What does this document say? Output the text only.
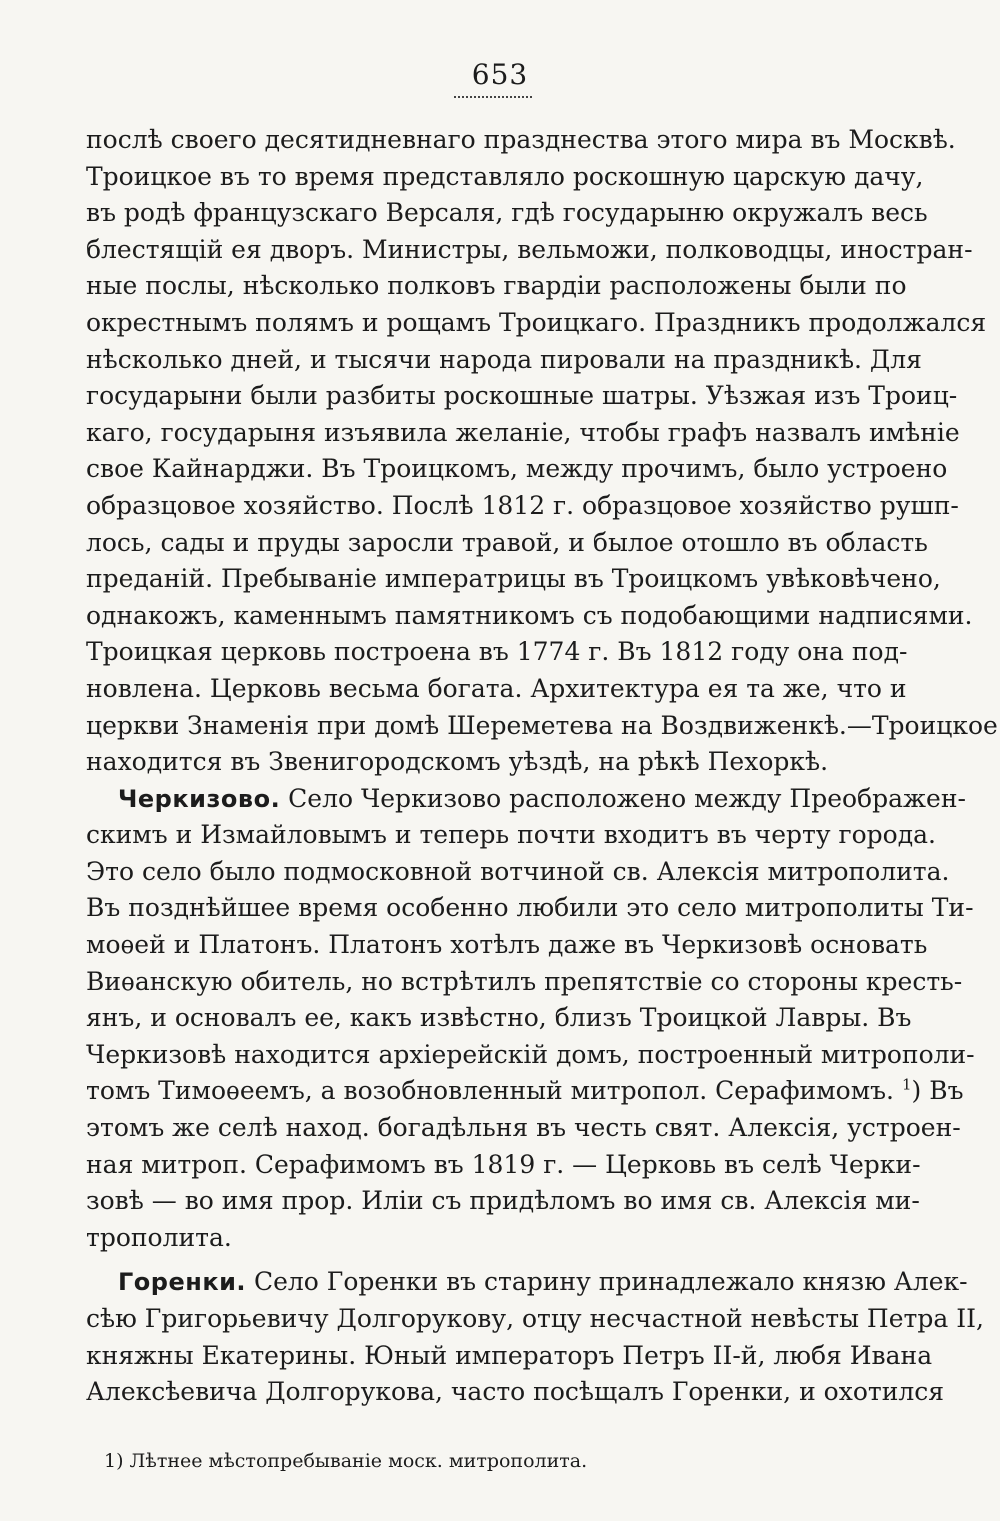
653
послѣ своего десятидневнаго празднества этого мира въ Москвѣ.
Троицкое въ то время представляло роскошную царскую дачу,
въ родѣ французскаго Версаля, гдѣ государыню окружалъ весь
блестящій ея дворъ. Министры, вельможи, полководцы, иностран-
ные послы, нѣсколько полковъ гвардіи расположены были по
окрестнымъ полямъ и рощамъ Троицкаго. Праздникъ продолжался
нѣсколько дней, и тысячи народа пировали на праздникѣ. Для
государыни были разбиты роскошные шатры. Уѣзжая изъ Троиц-
каго, государыня изъявила желаніе, чтобы графъ назвалъ имѣніе
свое Кайнарджи. Въ Троицкомъ, между прочимъ, было устроено
образцовое хозяйство. Послѣ 1812 г. образцовое хозяйство рушп-
лось, сады и пруды заросли травой, и былое отошло въ область
преданій. Пребываніе императрицы въ Троицкомъ увѣковѣчено,
однакожъ, каменнымъ памятникомъ съ подобающими надписями.
Троицкая церковь построена въ 1774 г. Въ 1812 году она под-
новлена. Церковь весьма богата. Архитектура ея та же, что и
церкви Знаменія при домѣ Шереметева на Воздвиженкѣ.—Троицкое
находится въ Звенигородскомъ уѣздѣ, на рѣкѣ Пехоркѣ.
Черкизово. Село Черкизово расположено между Преображен-
скимъ и Измайловымъ и теперь почти входитъ въ черту города.
Это село было подмосковной вотчиной св. Алексія митрополита.
Въ позднѣйшее время особенно любили это село митрополиты Ти-
моѳей и Платонъ. Платонъ хотѣлъ даже въ Черкизовѣ основать
Виѳанскую обитель, но встрѣтилъ препятствіе со стороны кресть-
янъ, и основалъ ее, какъ извѣстно, близъ Троицкой Лавры. Въ
Черкизовѣ находится архіерейскій домъ, построенный митрополи-
томъ Тимоѳеемъ, а возобновленный митропол. Серафимомъ. $^1$) Въ
этомъ же селѣ наход. богадѣльня въ честь свят. Алексія, устроен-
ная митроп. Серафимомъ въ 1819 г. — Церковь въ селѣ Черки-
зовѣ — во имя прор. Иліи съ придѣломъ во имя св. Алексія ми-
трополита.
Горенки. Село Горенки въ старину принадлежало князю Алек-
сѣю Григорьевичу Долгорукову, отцу несчастной невѣсты Петра II,
княжны Екатерины. Юный императоръ Петръ II-й, любя Ивана
Алексѣевича Долгорукова, часто посѣщалъ Горенки, и охотился
1) Лѣтнее мѣстопребываніе моск. митрополита.
